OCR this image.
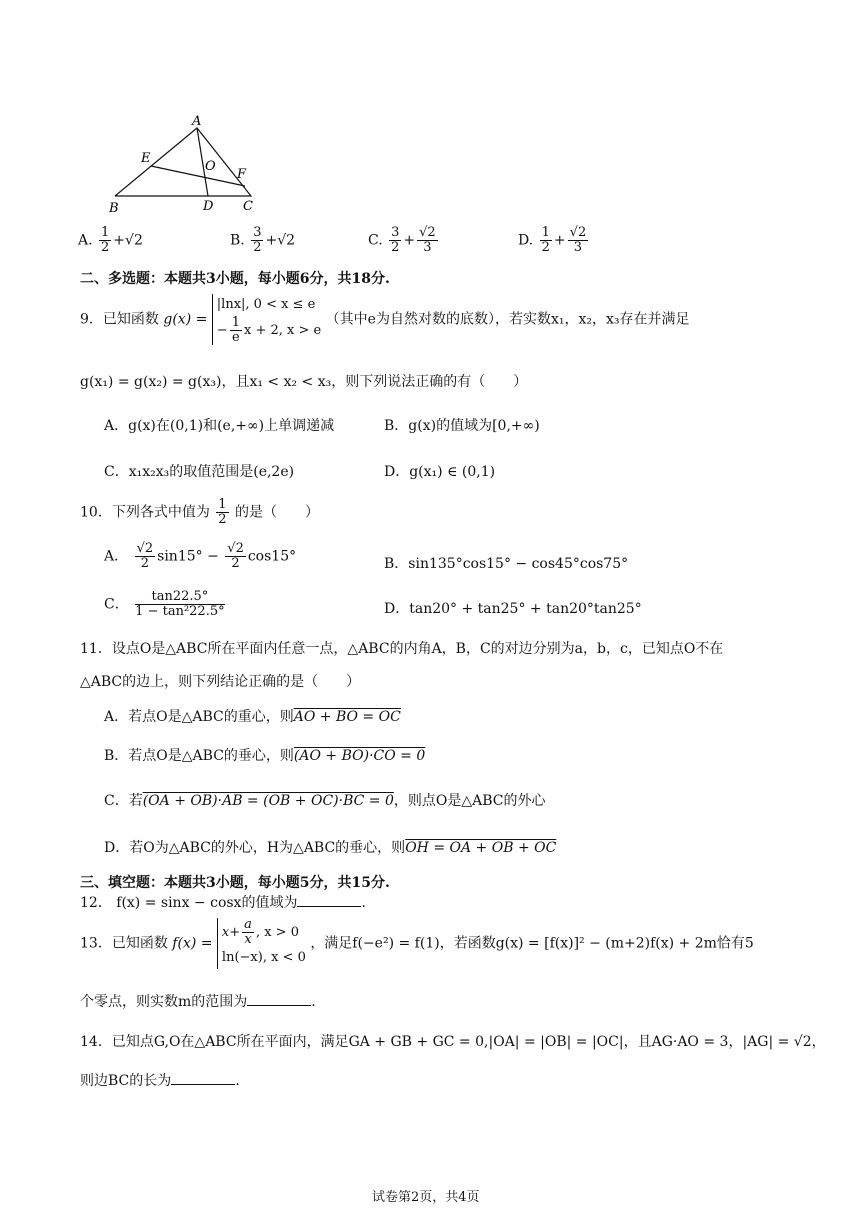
A
E
O
F
B	D C
A. $\frac{1}{2} +√2$	B. $\frac{3}{2} +√2$	C. $\frac{3}{2} + \frac{√2}{3}$	D. $\frac{1}{2} + \frac{√2}{3}$
二、多选题：本题共3小题，每小题6分，共18分.
9．已知函数 g(x) =
|lnx|, 0 < x ≤ e
− $\frac{1}{e}$ x + 2, x > e
（其中e为自然对数的底数），若实数x₁，x₂，x₃存在并满足
g(x₁) = g(x₂) = g(x₃)，且x₁ < x₂ < x₃，则下列说法正确的有（　　）
A．g(x)在(0,1)和(e,+∞)上单调递减	B．g(x)的值域为[0,+∞)
C．x₁x₂x₃的取值范围是(e,2e)	D．g(x₁) ∈ (0,1)
10．下列各式中值为 $\frac{1}{2}$ 的是（　　）
A． $\frac{√2}{2} \sin 15^\circ - \frac{√2}{2} \cos 15^\circ$	B．sin135°cos15° − cos45°cos75°
C． $\frac{\tan 22.5^\circ}{\text{1 − tan²22.5°}}$	D．tan20° + tan25° + tan20°tan25°
11．设点O是△ABC所在平面内任意一点，△ABC的内角A，B，C的对边分别为a，b，c，已知点O不在
△ABC的边上，则下列结论正确的是（　　）
A．若点O是△ABC的重心，则AO + BO = OC
B．若点O是△ABC的垂心，则(AO + BO)·CO = 0
C．若(OA + OB)·AB = (OB + OC)·BC = 0，则点O是△ABC的外心
D．若O为△ABC的外心，H为△ABC的垂心，则OH = OA + OB + OC
三、填空题：本题共3小题，每小题5分，共15分.
12． f(x) = sinx − cosx的值域为	.
13．已知函数 f(x) =
$x+ \frac{a}{x}$ , x > 0
ln(−x), x < 0
，满足f(−e²) = f(1)，若函数g(x) = [f(x)]² − (m+2)f(x) + 2m恰有5
个零点，则实数m的范围为	.
14．已知点G,O在△ABC所在平面内，满足GA + GB + GC = 0,|OA| = |OB| = |OC|，且AG·AO = 3，|AG| = √2，
则边BC的长为	.
试卷第2页，共4页
